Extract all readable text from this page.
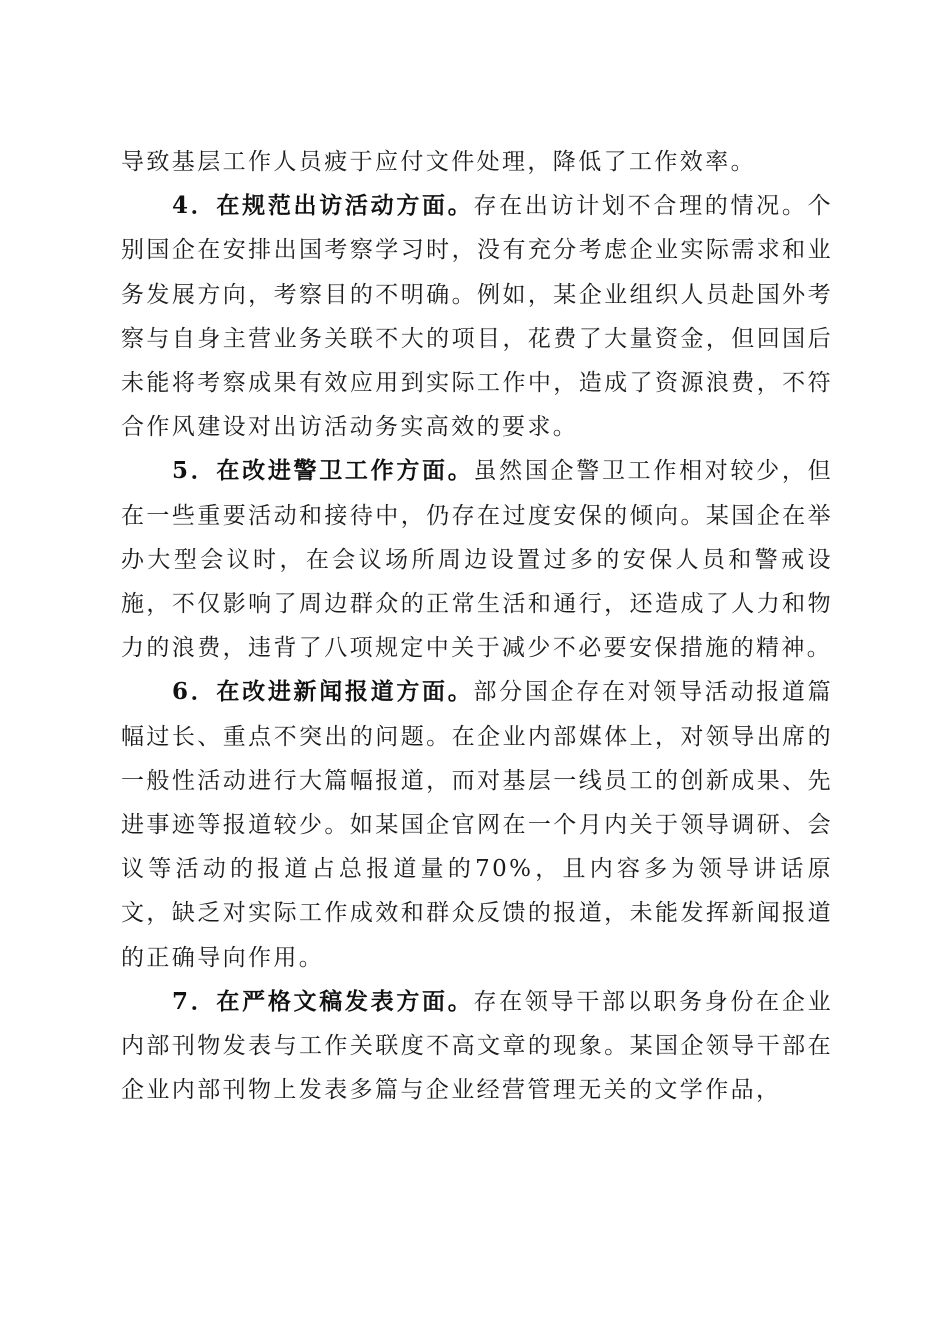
导致基层工作人员疲于应付文件处理，降低了工作效率。

4．在规范出访活动方面。存在出访计划不合理的情况。个别国企在安排出国考察学习时，没有充分考虑企业实际需求和业务发展方向，考察目的不明确。例如，某企业组织人员赴国外考察与自身主营业务关联不大的项目，花费了大量资金，但回国后未能将考察成果有效应用到实际工作中，造成了资源浪费，不符合作风建设对出访活动务实高效的要求。

5．在改进警卫工作方面。虽然国企警卫工作相对较少，但在一些重要活动和接待中，仍存在过度安保的倾向。某国企在举办大型会议时，在会议场所周边设置过多的安保人员和警戒设施，不仅影响了周边群众的正常生活和通行，还造成了人力和物力的浪费，违背了八项规定中关于减少不必要安保措施的精神。

6．在改进新闻报道方面。部分国企存在对领导活动报道篇幅过长、重点不突出的问题。在企业内部媒体上，对领导出席的一般性活动进行大篇幅报道，而对基层一线员工的创新成果、先进事迹等报道较少。如某国企官网在一个月内关于领导调研、会议等活动的报道占总报道量的70%，且内容多为领导讲话原文，缺乏对实际工作成效和群众反馈的报道，未能发挥新闻报道的正确导向作用。

7．在严格文稿发表方面。存在领导干部以职务身份在企业内部刊物发表与工作关联度不高文章的现象。某国企领导干部在企业内部刊物上发表多篇与企业经营管理无关的文学作品，
